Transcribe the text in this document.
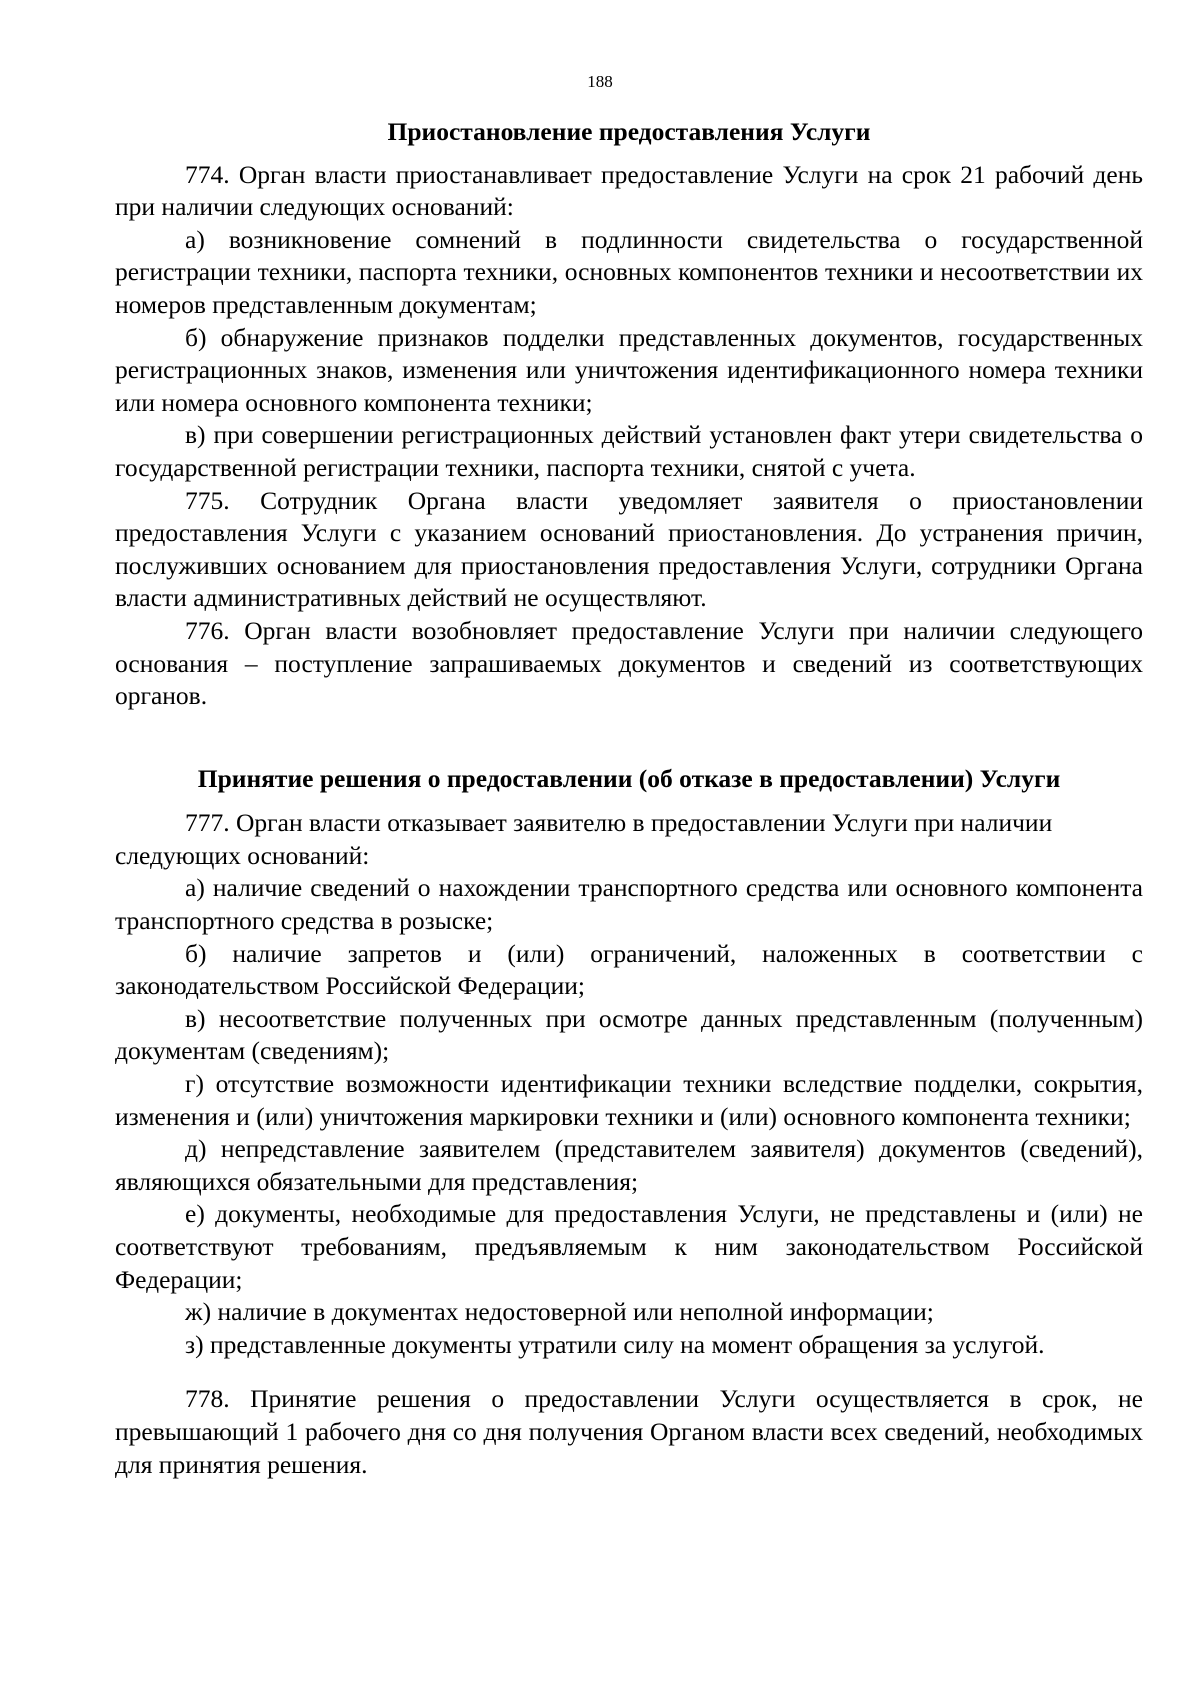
188

Приостановление предоставления Услуги

774. Орган власти приостанавливает предоставление Услуги на срок 21 рабочий день при наличии следующих оснований:

а) возникновение сомнений в подлинности свидетельства о государственной регистрации техники, паспорта техники, основных компонентов техники и несоответствии их номеров представленным документам;

б) обнаружение признаков подделки представленных документов, государственных регистрационных знаков, изменения или уничтожения идентификационного номера техники или номера основного компонента техники;

в) при совершении регистрационных действий установлен факт утери свидетельства о государственной регистрации техники, паспорта техники, снятой с учета.

775. Сотрудник Органа власти уведомляет заявителя о приостановлении предоставления Услуги с указанием оснований приостановления. До устранения причин, послуживших основанием для приостановления предоставления Услуги, сотрудники Органа власти административных действий не осуществляют.

776. Орган власти возобновляет предоставление Услуги при наличии следующего основания – поступление запрашиваемых документов и сведений из соответствующих органов.

Принятие решения о предоставлении (об отказе в предоставлении) Услуги

777. Орган власти отказывает заявителю в предоставлении Услуги при наличии следующих оснований:

а) наличие сведений о нахождении транспортного средства или основного компонента транспортного средства в розыске;

б) наличие запретов и (или) ограничений, наложенных в соответствии с законодательством Российской Федерации;

в) несоответствие полученных при осмотре данных представленным (полученным) документам (сведениям);

г) отсутствие возможности идентификации техники вследствие подделки, сокрытия, изменения и (или) уничтожения маркировки техники и (или) основного компонента техники;

д) непредставление заявителем (представителем заявителя) документов (сведений), являющихся обязательными для представления;

е) документы, необходимые для предоставления Услуги, не представлены и (или) не соответствуют требованиям, предъявляемым к ним законодательством Российской Федерации;

ж) наличие в документах недостоверной или неполной информации;

з) представленные документы утратили силу на момент обращения за услугой.

778. Принятие решения о предоставлении Услуги осуществляется в срок, не превышающий 1 рабочего дня со дня получения Органом власти всех сведений, необходимых для принятия решения.
